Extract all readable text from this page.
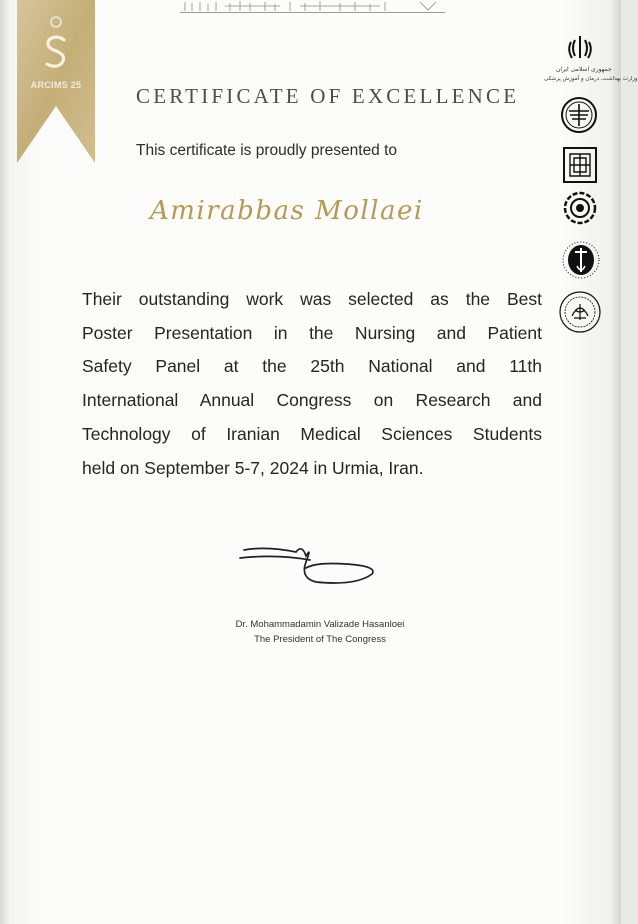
ARCIMS 25	CERTIFICATE OF EXCELLENCE
This certificate is proudly presented to
Amirabbas Mollaei
Their outstanding work was selected as the Best
Poster Presentation in the Nursing and Patient
Safety Panel at the 25th National and 11th
International Annual Congress on Research and
Technology of Iranian Medical Sciences Students
held on September 5-7, 2024 in Urmia, Iran.
Dr. Mohammadamin Valizade Hasanloei
The President of The Congress
جمهوری اسلامی ایران
وزارت بهداشت، درمان و آموزش پزشکی
